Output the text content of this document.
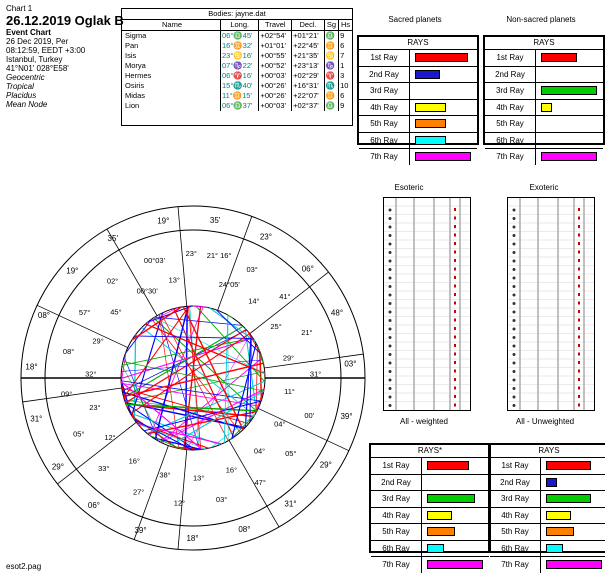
Chart 1
26.12.2019 Oglak B
Event Chart
26 Dec 2019, Per
08:12:59, EEDT +3:00
Istanbul, Turkey
41°N01' 028°E58'
Geocentric
Tropical
Placidus
Mean Node
Bodies: jayne.dat
Name	Long.	Travel	Decl.	Sg	Hs
Sigma	06°♎45'	+02°54'	+01°21'	♎	9
Pan	16°♊32'	+01°01'	+22°45'	♊	6
Isis	23°♋16'	+00°55'	+21°35'	♋	7
Morya	07°♑22'	+00°52'	+23°13'	♑	1
Hermes	06°♈16'	+00°03'	+02°29'	♈	3
Osiris	15°♏40'	+00°26'	+16°31'	♏	10
Midas	11°♊15'	+00°26'	+22°07'	♊	6
Lion	06°♎37'	+00°03'	+02°37'	♎	9
Sacred planets	Non-sacred planets
All - weighted	All - Unweighted
RAYS
1st Ray
2nd Ray
3rd Ray
4th Ray
5th Ray
6th Ray
7th Ray
RAYS
1st Ray
2nd Ray
3rd Ray
4th Ray
5th Ray
6th Ray
7th Ray
RAYS*
1st Ray
2nd Ray
3rd Ray
4th Ray
5th Ray
6th Ray
7th Ray
RAYS
1st Ray
2nd Ray
3rd Ray
4th Ray
5th Ray
6th Ray
7th Ray
Esoteric	Exoteric
19°	35'
23°
06°
48°
03°
39°
29°
31°
08°
18°
39°
06°
29°
31°
18°
08°
19°
35'
21° 16°
24°05'
03°
14°
41°
25°
21°
29°
31°
11°
00'
04°
05°
04°
47°
16°
03°
13°
12°
38°
27°
16°
33°
12°
05°
23°
09°
32°
08°
29°
57°	45°
02°
00°30'
00°03'
13°
23°
esot2.pag
